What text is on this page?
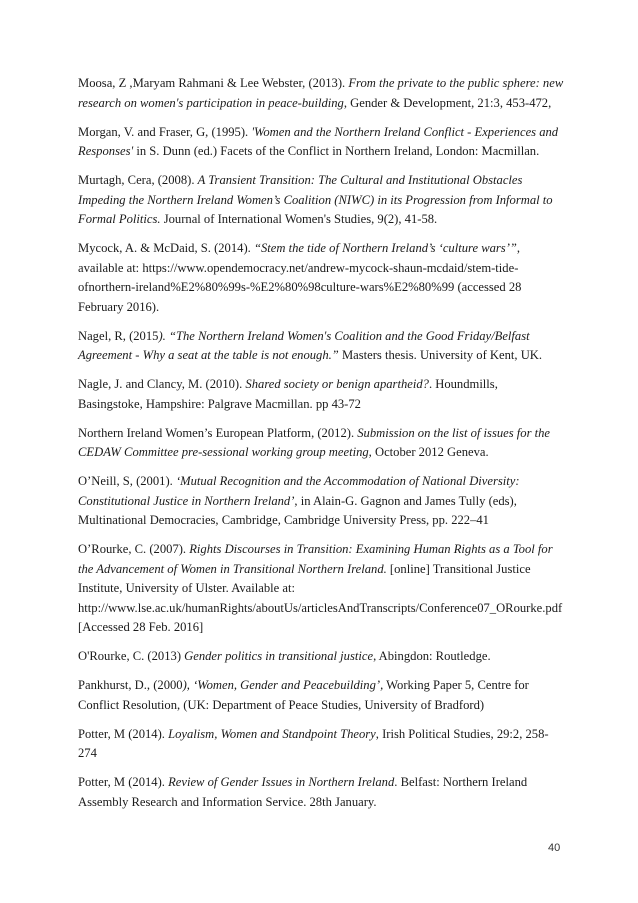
Moosa, Z ,Maryam Rahmani & Lee Webster, (2013). From the private to the public sphere: new research on women's participation in peace-building, Gender & Development, 21:3, 453-472,

Morgan, V. and Fraser, G, (1995). 'Women and the Northern Ireland Conflict - Experiences and Responses' in S. Dunn (ed.) Facets of the Conflict in Northern Ireland, London: Macmillan.

Murtagh, Cera, (2008). A Transient Transition: The Cultural and Institutional Obstacles Impeding the Northern Ireland Women’s Coalition (NIWC) in its Progression from Informal to Formal Politics. Journal of International Women's Studies, 9(2), 41-58.

Mycock, A. & McDaid, S. (2014). “Stem the tide of Northern Ireland’s ‘culture wars’”, available at: https://www.opendemocracy.net/andrew-mycock-shaun-mcdaid/stem-tide-ofnorthern-ireland%E2%80%99s-%E2%80%98culture-wars%E2%80%99 (accessed 28 February 2016).

Nagel, R, (2015). “The Northern Ireland Women's Coalition and the Good Friday/Belfast Agreement - Why a seat at the table is not enough.” Masters thesis. University of Kent, UK.

Nagle, J. and Clancy, M. (2010). Shared society or benign apartheid?. Houndmills, Basingstoke, Hampshire: Palgrave Macmillan. pp 43-72

Northern Ireland Women’s European Platform, (2012). Submission on the list of issues for the CEDAW Committee pre-sessional working group meeting, October 2012 Geneva.

O’Neill, S, (2001). ‘Mutual Recognition and the Accommodation of National Diversity: Constitutional Justice in Northern Ireland’, in Alain-G. Gagnon and James Tully (eds), Multinational Democracies, Cambridge, Cambridge University Press, pp. 222–41

O’Rourke, C. (2007). Rights Discourses in Transition: Examining Human Rights as a Tool for the Advancement of Women in Transitional Northern Ireland. [online] Transitional Justice Institute, University of Ulster. Available at: http://www.lse.ac.uk/humanRights/aboutUs/articlesAndTranscripts/Conference07_ORourke.pdf [Accessed 28 Feb. 2016]

O'Rourke, C. (2013) Gender politics in transitional justice, Abingdon: Routledge.

Pankhurst, D., (2000), ‘Women, Gender and Peacebuilding’, Working Paper 5, Centre for Conflict Resolution, (UK: Department of Peace Studies, University of Bradford)

Potter, M (2014). Loyalism, Women and Standpoint Theory, Irish Political Studies, 29:2, 258-274

Potter, M (2014). Review of Gender Issues in Northern Ireland. Belfast: Northern Ireland Assembly Research and Information Service. 28th January.

40
